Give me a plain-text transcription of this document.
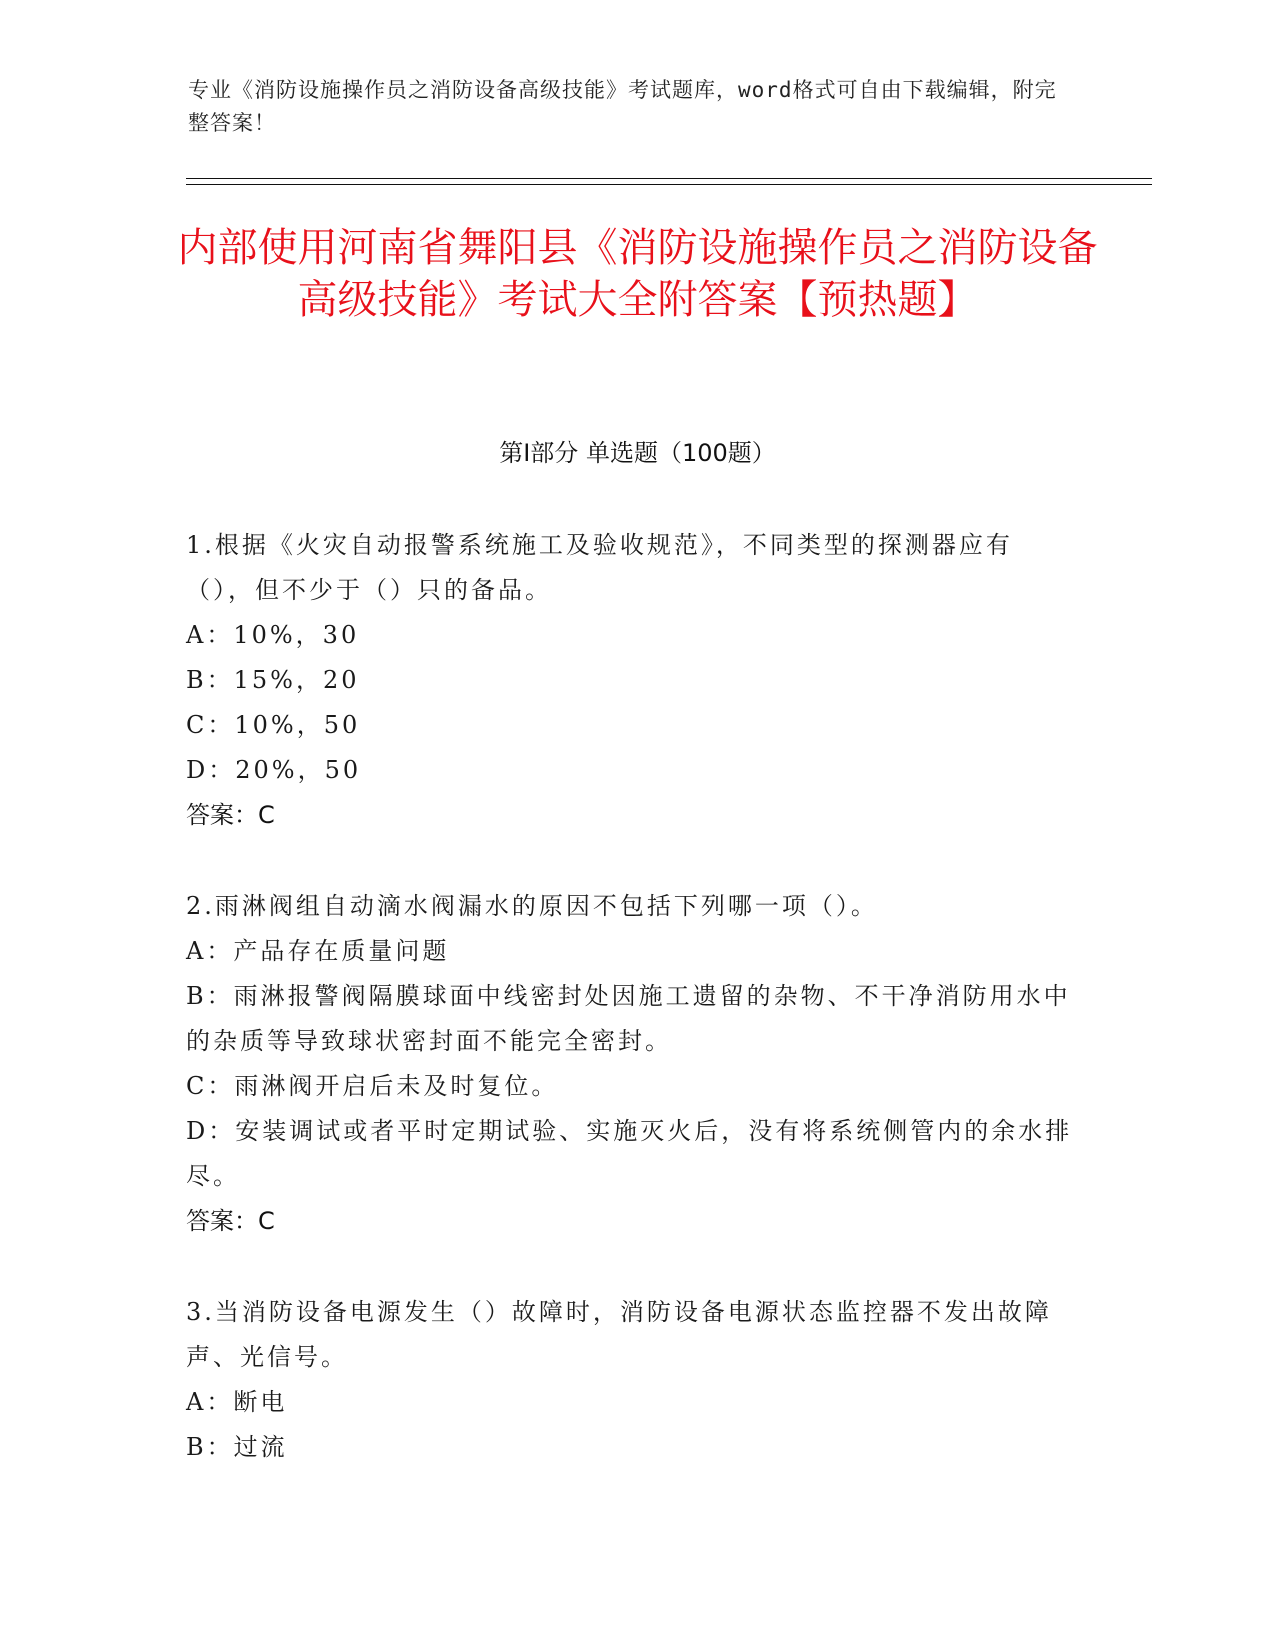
专业《消防设施操作员之消防设备高级技能》考试题库，word格式可自由下载编辑，附完整答案！
内部使用河南省舞阳县《消防设施操作员之消防设备高级技能》考试大全附答案【预热题】
第Ⅰ部分 单选题（100题）

1.根据《火灾自动报警系统施工及验收规范》，不同类型的探测器应有（），但不少于（）只的备品。

A：10%，30

B：15%，20

C：10%，50

D：20%，50

答案：C

2.雨淋阀组自动滴水阀漏水的原因不包括下列哪一项（）。

A：产品存在质量问题

B：雨淋报警阀隔膜球面中线密封处因施工遗留的杂物、不干净消防用水中的杂质等导致球状密封面不能完全密封。

C：雨淋阀开启后未及时复位。

D：安装调试或者平时定期试验、实施灭火后，没有将系统侧管内的余水排尽。

答案：C

3.当消防设备电源发生（）故障时，消防设备电源状态监控器不发出故障声、光信号。

A：断电

B：过流
